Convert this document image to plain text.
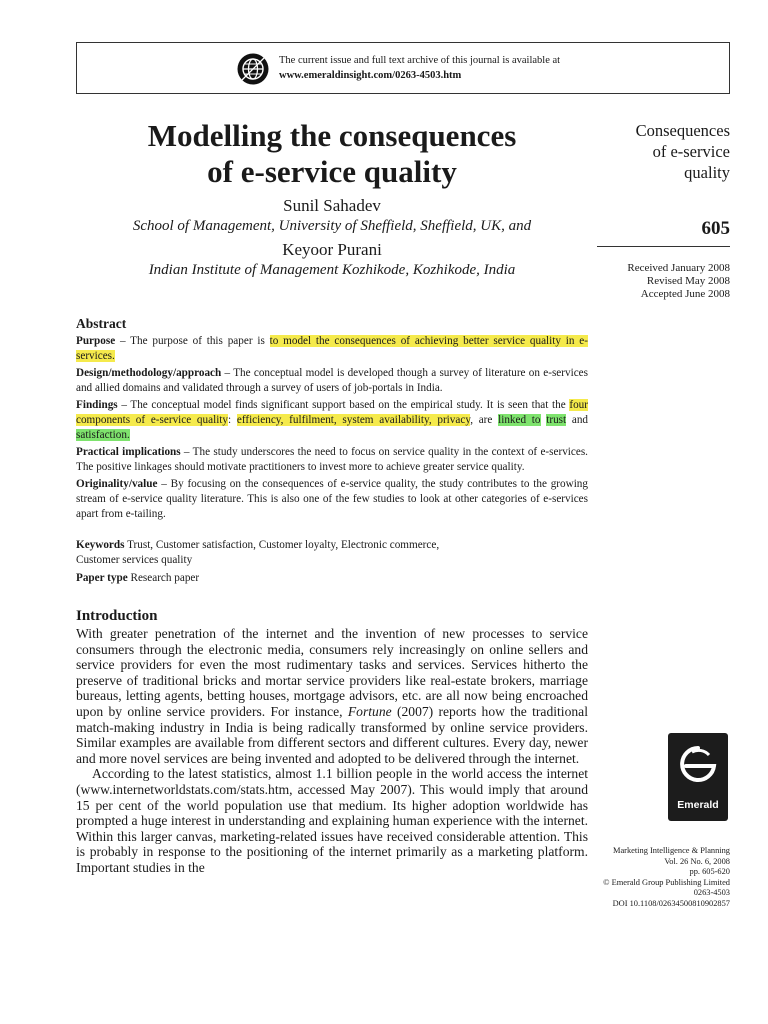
The current issue and full text archive of this journal is available at
www.emeraldinsight.com/0263-4503.htm
Modelling the consequences
of e-service quality
Sunil Sahadev
School of Management, University of Sheffield, Sheffield, UK, and
Keyoor Purani
Indian Institute of Management Kozhikode, Kozhikode, India
Consequences
of e-service
quality
605
Received January 2008
Revised May 2008
Accepted June 2008
Abstract

Purpose – The purpose of this paper is to model the consequences of achieving better service quality in e-services.

Design/methodology/approach – The conceptual model is developed though a survey of literature on e-services and allied domains and validated through a survey of users of job-portals in India.

Findings – The conceptual model finds significant support based on the empirical study. It is seen that the four components of e-service quality: efficiency, fulfilment, system availability, privacy, are linked to trust and satisfaction.

Practical implications – The study underscores the need to focus on service quality in the context of e-services. The positive linkages should motivate practitioners to invest more to achieve greater service quality.

Originality/value – By focusing on the consequences of e-service quality, the study contributes to the growing stream of e-service quality literature. This is also one of the few studies to look at other categories of e-services apart from e-tailing.

Keywords Trust, Customer satisfaction, Customer loyalty, Electronic commerce,
Customer services quality
Paper type Research paper
Introduction

With greater penetration of the internet and the invention of new processes to service consumers through the electronic media, consumers rely increasingly on online sellers and service providers for even the most rudimentary tasks and services. Services hitherto the preserve of traditional bricks and mortar service providers like real-estate brokers, marriage bureaus, letting agents, betting houses, mortgage advisors, etc. are all now being encroached upon by online service providers. For instance, Fortune (2007) reports how the traditional match-making industry in India is being radically transformed by online service providers. Similar examples are available from different sectors and different cultures. Every day, newer and more novel services are being invented and adopted to be delivered through the internet.

According to the latest statistics, almost 1.1 billion people in the world access the internet (www.internetworldstats.com/stats.htm, accessed May 2007). This would imply that around 15 per cent of the world population use that medium. Its higher adoption worldwide has prompted a huge interest in understanding and explaining human experience with the internet. Within this larger canvas, marketing-related issues have received considerable attention. This is probably in response to the positioning of the internet primarily as a marketing platform. Important studies in the

Emerald
Marketing Intelligence & Planning
Vol. 26 No. 6, 2008
pp. 605-620
© Emerald Group Publishing Limited
0263-4503
DOI 10.1108/02634500810902857
